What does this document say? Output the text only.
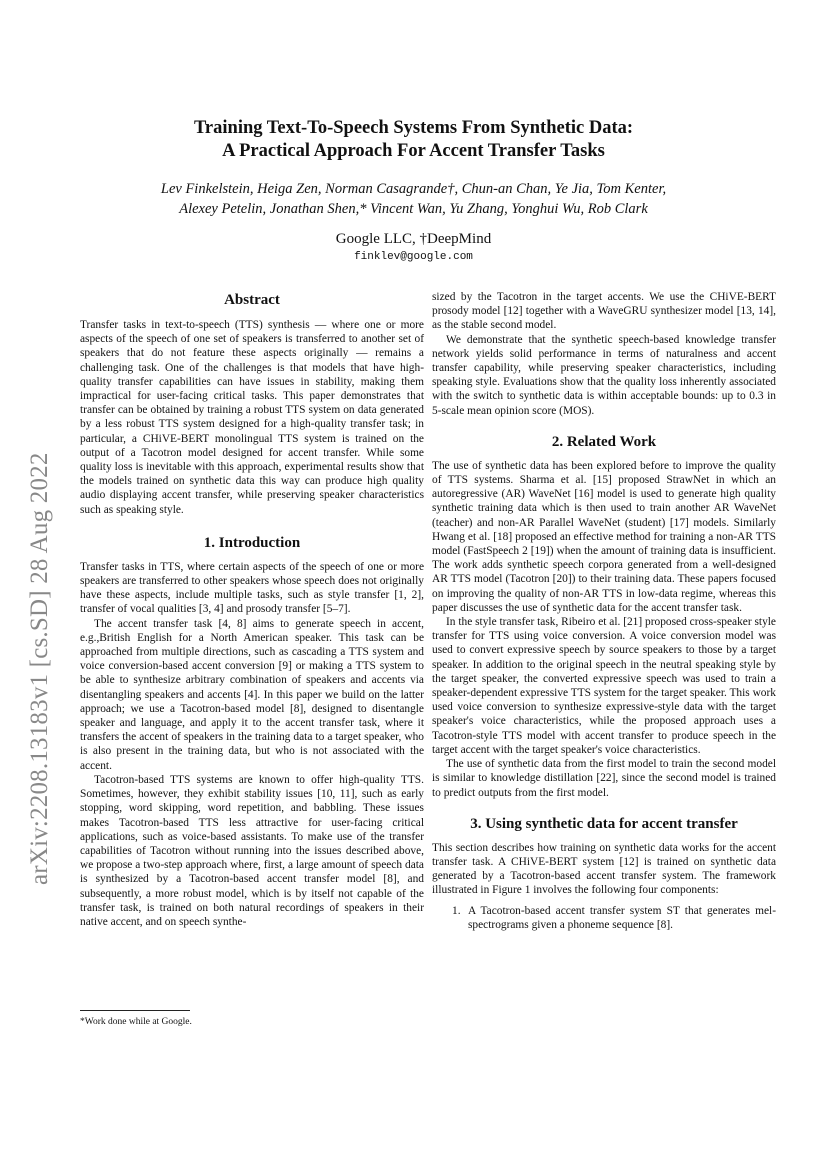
arXiv:2208.13183v1 [cs.SD] 28 Aug 2022
Training Text-To-Speech Systems From Synthetic Data:
A Practical Approach For Accent Transfer Tasks
Lev Finkelstein, Heiga Zen, Norman Casagrande†, Chun-an Chan, Ye Jia, Tom Kenter,
Alexey Petelin, Jonathan Shen,* Vincent Wan, Yu Zhang, Yonghui Wu, Rob Clark
Google LLC, †DeepMind
finklev@google.com
Abstract

Transfer tasks in text-to-speech (TTS) synthesis — where one or more aspects of the speech of one set of speakers is transferred to another set of speakers that do not feature these aspects originally — remains a challenging task. One of the challenges is that models that have high-quality transfer capabilities can have issues in stability, making them impractical for user-facing critical tasks. This paper demonstrates that transfer can be obtained by training a robust TTS system on data generated by a less robust TTS system designed for a high-quality transfer task; in particular, a CHiVE-BERT monolingual TTS system is trained on the output of a Tacotron model designed for accent transfer. While some quality loss is inevitable with this approach, experimental results show that the models trained on synthetic data this way can produce high quality audio displaying accent transfer, while preserving speaker characteristics such as speaking style.

1. Introduction

Transfer tasks in TTS, where certain aspects of the speech of one or more speakers are transferred to other speakers whose speech does not originally have these aspects, include multiple tasks, such as style transfer [1, 2], transfer of vocal qualities [3, 4] and prosody transfer [5–7].

The accent transfer task [4, 8] aims to generate speech in accent, e.g.,British English for a North American speaker. This task can be approached from multiple directions, such as cascading a TTS system and voice conversion-based accent conversion [9] or making a TTS system to be able to synthesize arbitrary combination of speakers and accents via disentangling speakers and accents [4]. In this paper we build on the latter approach; we use a Tacotron-based model [8], designed to disentangle speaker and language, and apply it to the accent transfer task, where it transfers the accent of speakers in the training data to a target speaker, who is also present in the training data, but who is not associated with the accent.

Tacotron-based TTS systems are known to offer high-quality TTS. Sometimes, however, they exhibit stability issues [10, 11], such as early stopping, word skipping, word repetition, and babbling. These issues makes Tacotron-based TTS less attractive for user-facing critical applications, such as voice-based assistants. To make use of the transfer capabilities of Tacotron without running into the issues described above, we propose a two-step approach where, first, a large amount of speech data is synthesized by a Tacotron-based accent transfer model [8], and subsequently, a more robust model, which is by itself not capable of the transfer task, is trained on both natural recordings of speakers in their native accent, and on speech synthe-

*Work done while at Google.

sized by the Tacotron in the target accents. We use the CHiVE-BERT prosody model [12] together with a WaveGRU synthesizer model [13, 14], as the stable second model.

We demonstrate that the synthetic speech-based knowledge transfer network yields solid performance in terms of naturalness and accent transfer capability, while preserving speaker characteristics, including speaking style. Evaluations show that the quality loss inherently associated with the switch to synthetic data is within acceptable bounds: up to 0.3 in 5-scale mean opinion score (MOS).

2. Related Work

The use of synthetic data has been explored before to improve the quality of TTS systems. Sharma et al. [15] proposed StrawNet in which an autoregressive (AR) WaveNet [16] model is used to generate high quality synthetic training data which is then used to train another AR WaveNet (teacher) and non-AR Parallel WaveNet (student) [17] models. Similarly Hwang et al. [18] proposed an effective method for training a non-AR TTS model (FastSpeech 2 [19]) when the amount of training data is insufficient. The work adds synthetic speech corpora generated from a well-designed AR TTS model (Tacotron [20]) to their training data. These papers focused on improving the quality of non-AR TTS in low-data regime, whereas this paper discusses the use of synthetic data for the accent transfer task.

In the style transfer task, Ribeiro et al. [21] proposed cross-speaker style transfer for TTS using voice conversion. A voice conversion model was used to convert expressive speech by source speakers to those by a target speaker. In addition to the original speech in the neutral speaking style by the target speaker, the converted expressive speech was used to train a speaker-dependent expressive TTS system for the target speaker. This work used voice conversion to synthesize expressive-style data with the target speaker's voice characteristics, while the proposed approach uses a Tacotron-style TTS model with accent transfer to produce speech in the target accent with the target speaker's voice characteristics.

The use of synthetic data from the first model to train the second model is similar to knowledge distillation [22], since the second model is trained to predict outputs from the first model.

3. Using synthetic data for accent transfer

This section describes how training on synthetic data works for the accent transfer task. A CHiVE-BERT system [12] is trained on synthetic data generated by a Tacotron-based accent transfer system. The framework illustrated in Figure 1 involves the following four components:

1. A Tacotron-based accent transfer system ST that generates mel-spectrograms given a phoneme sequence [8].
